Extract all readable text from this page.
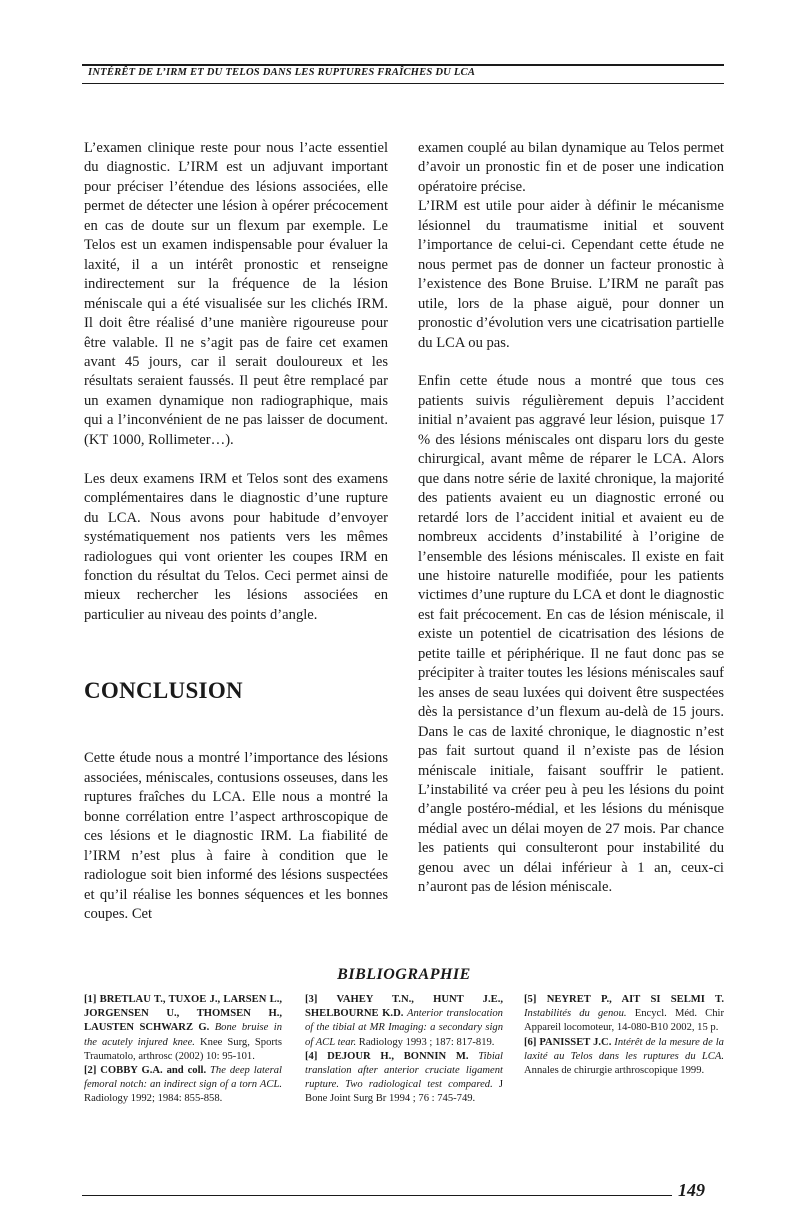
INTÉRÊT DE L’IRM ET DU TELOS DANS LES RUPTURES FRAÎCHES DU LCA

L’examen clinique reste pour nous l’acte essentiel du diagnostic. L’IRM est un adjuvant important pour préciser l’étendue des lésions associées, elle permet de détecter une lésion à opérer précocement en cas de doute sur un flexum par exemple. Le Telos est un examen indispensable pour évaluer la laxité, il a un intérêt pronostic et renseigne indirectement sur la fréquence de la lésion méniscale qui a été visualisée sur les clichés IRM. Il doit être réalisé d’une manière rigoureuse pour être valable. Il ne s’agit pas de faire cet examen avant 45 jours, car il serait douloureux et les résultats seraient faussés. Il peut être remplacé par un examen dynamique non radiographique, mais qui a l’inconvénient de ne pas laisser de document. (KT 1000, Rollimeter…).

Les deux examens IRM et Telos sont des examens complémentaires dans le diagnostic d’une rupture du LCA. Nous avons pour habitude d’envoyer systématiquement nos patients vers les mêmes radiologues qui vont orienter les coupes IRM en fonction du résultat du Telos. Ceci permet ainsi de mieux rechercher les lésions associées en particulier au niveau des points d’angle.

CONCLUSION

Cette étude nous a montré l’importance des lésions associées, méniscales, contusions osseuses, dans les ruptures fraîches du LCA. Elle nous a montré la bonne corrélation entre l’aspect arthroscopique de ces lésions et le diagnostic IRM. La fiabilité de l’IRM n’est plus à faire à condition que le radiologue soit bien informé des lésions suspectées et qu’il réalise les bonnes séquences et les bonnes coupes. Cet

examen couplé au bilan dynamique au Telos permet d’avoir un pronostic fin et de poser une indication opératoire précise.

L’IRM est utile pour aider à définir le mécanisme lésionnel du traumatisme initial et souvent l’importance de celui-ci. Cependant cette étude ne nous permet pas de donner un facteur pronostic à l’existence des Bone Bruise. L’IRM ne paraît pas utile, lors de la phase aiguë, pour donner un pronostic d’évolution vers une cicatrisation partielle du LCA ou pas.

Enfin cette étude nous a montré que tous ces patients suivis régulièrement depuis l’accident initial n’avaient pas aggravé leur lésion, puisque 17 % des lésions méniscales ont disparu lors du geste chirurgical, avant même de réparer le LCA. Alors que dans notre série de laxité chronique, la majorité des patients avaient eu un diagnostic erroné ou retardé lors de l’accident initial et avaient eu de nombreux accidents d’instabilité à l’origine de l’ensemble des lésions méniscales. Il existe en fait une histoire naturelle modifiée, pour les patients victimes d’une rupture du LCA et dont le diagnostic est fait précocement. En cas de lésion méniscale, il existe un potentiel de cicatrisation des lésions de petite taille et périphérique. Il ne faut donc pas se précipiter à traiter toutes les lésions méniscales sauf les anses de seau luxées qui doivent être suspectées dès la persistance d’un flexum au-delà de 15 jours. Dans le cas de laxité chronique, le diagnostic n’est pas fait surtout quand il n’existe pas de lésion méniscale initiale, faisant souffrir le patient. L’instabilité va créer peu à peu les lésions du point d’angle postéro-médial, et les lésions du ménisque médial avec un délai moyen de 27 mois. Par chance les patients qui consulteront pour instabilité du genou avec un délai inférieur à 1 an, ceux-ci n’auront pas de lésion méniscale.

BIBLIOGRAPHIE

[1] BRETLAU T., TUXOE J., LARSEN L., JORGENSEN U., THOMSEN H., LAUSTEN SCHWARZ G. Bone bruise in the acutely injured knee. Knee Surg, Sports Traumatolo, arthrosc (2002) 10: 95-101.

[2] COBBY G.A. and coll. The deep lateral femoral notch: an indirect sign of a torn ACL. Radiology 1992; 1984: 855-858.

[3] VAHEY T.N., HUNT J.E., SHELBOURNE K.D. Anterior translocation of the tibial at MR Imaging: a secondary sign of ACL tear. Radiology 1993 ; 187: 817-819.

[4] DEJOUR H., BONNIN M. Tibial translation after anterior cruciate ligament rupture. Two radiological test compared. J Bone Joint Surg Br 1994 ; 76 : 745-749.

[5] NEYRET P., AIT SI SELMI T. Instabilités du genou. Encycl. Méd. Chir Appareil locomoteur, 14-080-B10 2002, 15 p.

[6] PANISSET J.C. Intérêt de la mesure de la laxité au Telos dans les ruptures du LCA. Annales de chirurgie arthroscopique 1999.

149
